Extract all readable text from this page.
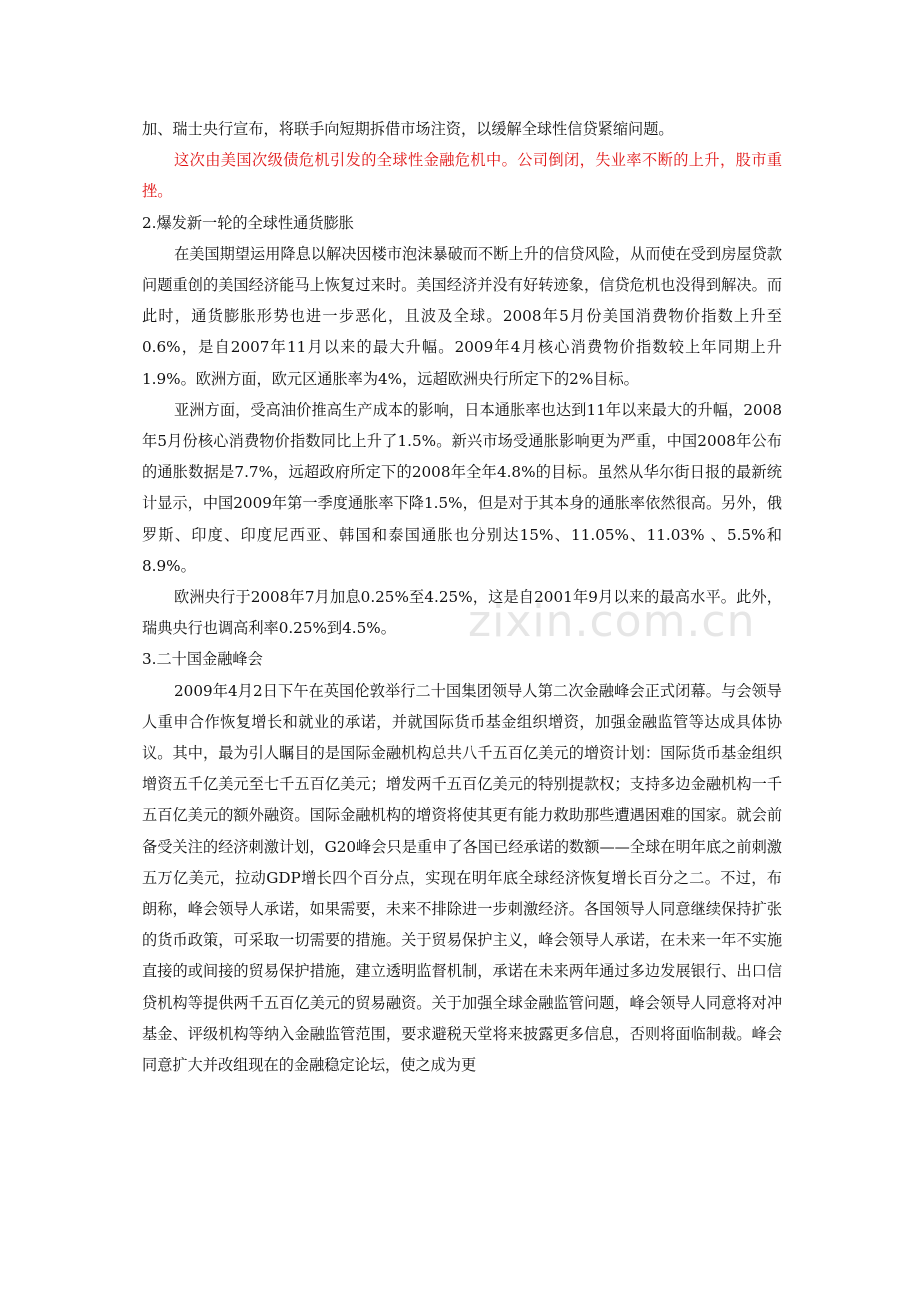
zixin.com.cn

加、瑞士央行宣布，将联手向短期拆借市场注资，以缓解全球性信贷紧缩问题。

这次由美国次级债危机引发的全球性金融危机中。公司倒闭，失业率不断的上升，股市重挫。

2.爆发新一轮的全球性通货膨胀

在美国期望运用降息以解决因楼市泡沫暴破而不断上升的信贷风险，从而使在受到房屋贷款问题重创的美国经济能马上恢复过来时。美国经济并没有好转迹象，信贷危机也没得到解决。而此时，通货膨胀形势也进一步恶化，且波及全球。2008年5月份美国消费物价指数上升至0.6%，是自2007年11月以来的最大升幅。2009年4月核心消费物价指数较上年同期上升1.9%。欧洲方面，欧元区通胀率为4%，远超欧洲央行所定下的2%目标。

亚洲方面，受高油价推高生产成本的影响，日本通胀率也达到11年以来最大的升幅，2008年5月份核心消费物价指数同比上升了1.5%。新兴市场受通胀影响更为严重，中国2008年公布的通胀数据是7.7%，远超政府所定下的2008年全年4.8%的目标。虽然从华尔街日报的最新统计显示，中国2009年第一季度通胀率下降1.5%，但是对于其本身的通胀率依然很高。另外，俄罗斯、印度、印度尼西亚、韩国和泰国通胀也分别达15%、11.05%、11.03% 、5.5%和8.9%。

欧洲央行于2008年7月加息0.25%至4.25%，这是自2001年9月以来的最高水平。此外，瑞典央行也调高利率0.25%到4.5%。

3.二十国金融峰会

2009年4月2日下午在英国伦敦举行二十国集团领导人第二次金融峰会正式闭幕。与会领导人重申合作恢复增长和就业的承诺，并就国际货币基金组织增资，加强金融监管等达成具体协议。其中，最为引人瞩目的是国际金融机构总共八千五百亿美元的增资计划：国际货币基金组织增资五千亿美元至七千五百亿美元；增发两千五百亿美元的特别提款权；支持多边金融机构一千五百亿美元的额外融资。国际金融机构的增资将使其更有能力救助那些遭遇困难的国家。就会前备受关注的经济刺激计划，G20峰会只是重申了各国已经承诺的数额——全球在明年底之前刺激五万亿美元，拉动GDP增长四个百分点，实现在明年底全球经济恢复增长百分之二。不过，布朗称，峰会领导人承诺，如果需要，未来不排除进一步刺激经济。各国领导人同意继续保持扩张的货币政策，可采取一切需要的措施。关于贸易保护主义，峰会领导人承诺，在未来一年不实施直接的或间接的贸易保护措施，建立透明监督机制，承诺在未来两年通过多边发展银行、出口信贷机构等提供两千五百亿美元的贸易融资。关于加强全球金融监管问题，峰会领导人同意将对冲基金、评级机构等纳入金融监管范围，要求避税天堂将来披露更多信息，否则将面临制裁。峰会同意扩大并改组现在的金融稳定论坛，使之成为更
